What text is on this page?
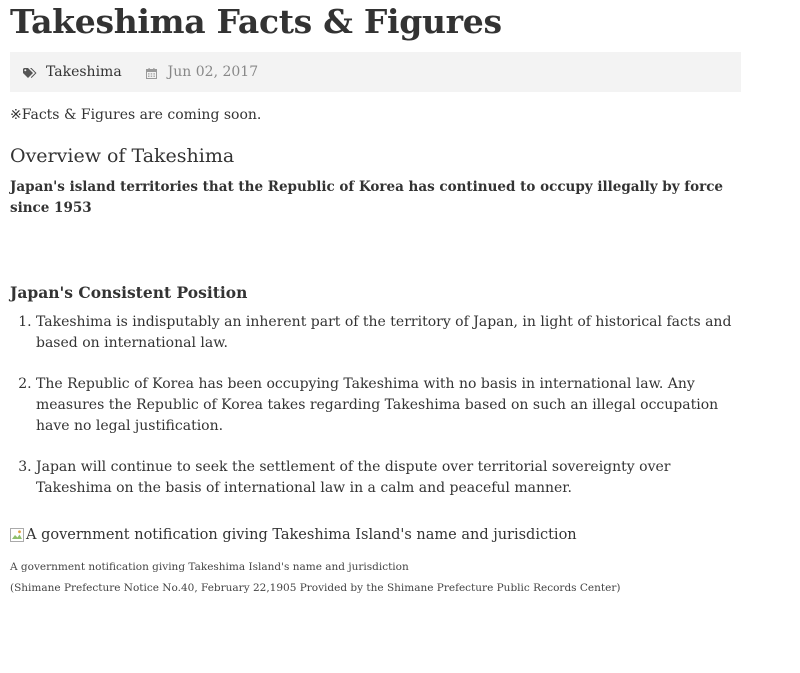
Takeshima Facts & Figures
Takeshima	Jun 02, 2017
※Facts & Figures are coming soon.
Overview of Takeshima
Japan's island territories that the Republic of Korea has continued to occupy illegally by force since 1953
Japan's Consistent Position
1. Takeshima is indisputably an inherent part of the territory of Japan, in light of historical facts and based on international law.
2. The Republic of Korea has been occupying Takeshima with no basis in international law. Any measures the Republic of Korea takes regarding Takeshima based on such an illegal occupation have no legal justification.
3. Japan will continue to seek the settlement of the dispute over territorial sovereignty over Takeshima on the basis of international law in a calm and peaceful manner.
A government notification giving Takeshima Island's name and jurisdiction
A government notification giving Takeshima Island's name and jurisdiction
(Shimane Prefecture Notice No.40, February 22,1905 Provided by the Shimane Prefecture Public Records Center)
